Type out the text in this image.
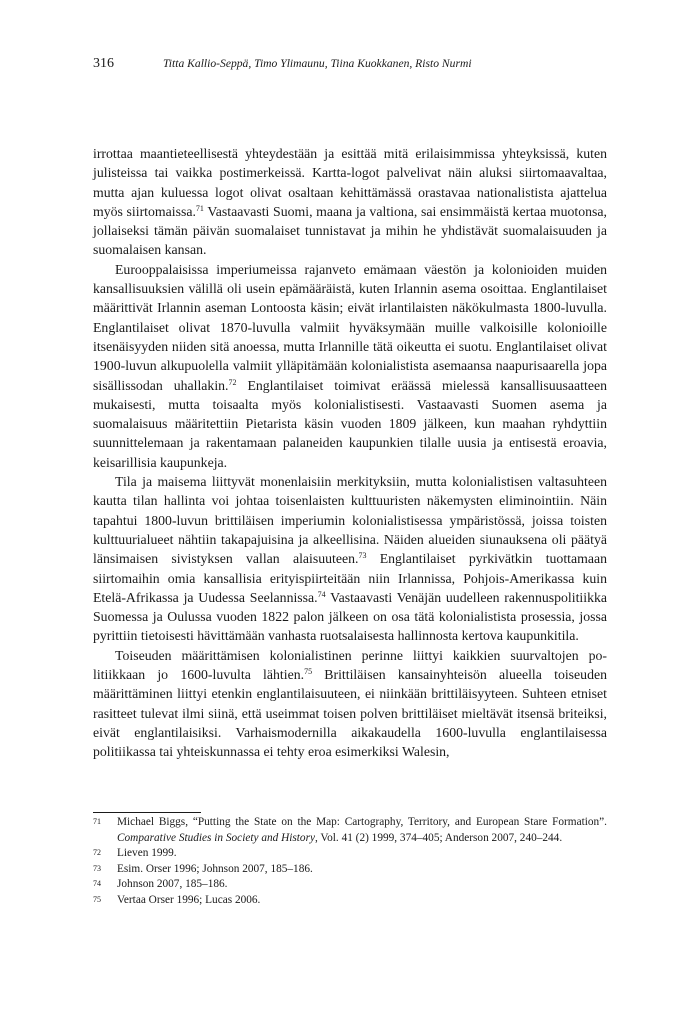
316	Titta Kallio-Seppä, Timo Ylimaunu, Tiina Kuokkanen, Risto Nurmi

irrottaa maantieteellisestä yhteydestään ja esittää mitä erilaisimmissa yhteyksissä, kuten julisteissa tai vaikka postimerkeissä. Kartta-logot palvelivat näin aluksi siirtomaavaltaa, mutta ajan kuluessa logot olivat osaltaan kehittämässä orastavaa nationalistista ajattelua myös siirtomaissa.$^{71}$ Vastaavasti Suomi, maana ja valtiona, sai ensimmäistä kertaa muotonsa, jollaiseksi tämän päivän suomalaiset tunnistavat ja mihin he yhdistävät suomalaisuuden ja suomalaisen kansan.

Eurooppalaisissa imperiumeissa rajanveto emämaan väestön ja kolonioiden muiden kansallisuuksien välillä oli usein epämääräistä, kuten Irlannin asema osoittaa. Englantilaiset määrittivät Irlannin aseman Lontoosta käsin; eivät irlantilaisten näkökulmasta 1800-luvulla. Englantilaiset olivat 1870-luvulla valmiit hyväksymään muille valkoisille kolonioille itsenäisyyden niiden sitä anoessa, mutta Irlannille tätä oikeutta ei suotu. Englantilaiset olivat 1900-luvun alkupuolella valmiit ylläpitämään kolonialistista asemaansa naapurisaarella jopa sisällissodan uhallakin.$^{72}$ Englantilaiset toimivat eräässä mielessä kansallisuusaatteen mukaisesti, mutta toisaalta myös kolonialistisesti. Vastaavasti Suomen asema ja suomalaisuus määritettiin Pietarista käsin vuoden 1809 jälkeen, kun maahan ryhdyttiin suunnittelemaan ja rakentamaan palaneiden kaupunkien tilalle uusia ja entisestä eroavia, keisarillisia kaupunkeja.

Tila ja maisema liittyvät monenlaisiin merkityksiin, mutta kolonialistisen valtasuhteen kautta tilan hallinta voi johtaa toisenlaisten kulttuuristen näkemysten eliminointiin. Näin tapahtui 1800-luvun brittiläisen imperiumin kolonialistisessa ympäristössä, joissa toisten kulttuurialueet nähtiin takapajuisina ja alkeellisina. Näiden alueiden siunauksena oli päätyä länsimaisen sivistyksen vallan alaisuuteen.$^{73}$ Englantilaiset pyrkivätkin tuottamaan siirtomaihin omia kansallisia erityispiirteitään niin Irlannissa, Pohjois-Amerikassa kuin Etelä-Afrikassa ja Uudessa Seelannissa.$^{74}$ Vastaavasti Venäjän uudelleen rakennuspolitiikka Suomessa ja Oulussa vuoden 1822 palon jälkeen on osa tätä kolonialistista prosessia, jossa pyrittiin tietoisesti hävittämään vanhasta ruotsalaisesta hallinnosta kertova kaupunkitila.

Toiseuden määrittämisen kolonialistinen perinne liittyi kaikkien suurvaltojen politiikkaan jo 1600-luvulta lähtien.$^{75}$ Brittiläisen kansainyhteisön alueella toiseuden määrittäminen liittyi etenkin englantilaisuuteen, ei niinkään brittiläisyyteen. Suhteen etniset rasitteet tulevat ilmi siinä, että useimmat toisen polven brittiläiset mieltävät itsensä briteiksi, eivät englantilaisiksi. Varhaismodernilla aikakaudella 1600-luvulla englantilaisessa politiikassa tai yhteiskunnassa ei tehty eroa esimerkiksi Walesin,

71	Michael Biggs, “Putting the State on the Map: Cartography, Territory, and European Stare Formation”. Comparative Studies in Society and History, Vol. 41 (2) 1999, 374–405; Anderson 2007, 240–244.
72	Lieven 1999.
73	Esim. Orser 1996; Johnson 2007, 185–186.
74	Johnson 2007, 185–186.
75	Vertaa Orser 1996; Lucas 2006.
